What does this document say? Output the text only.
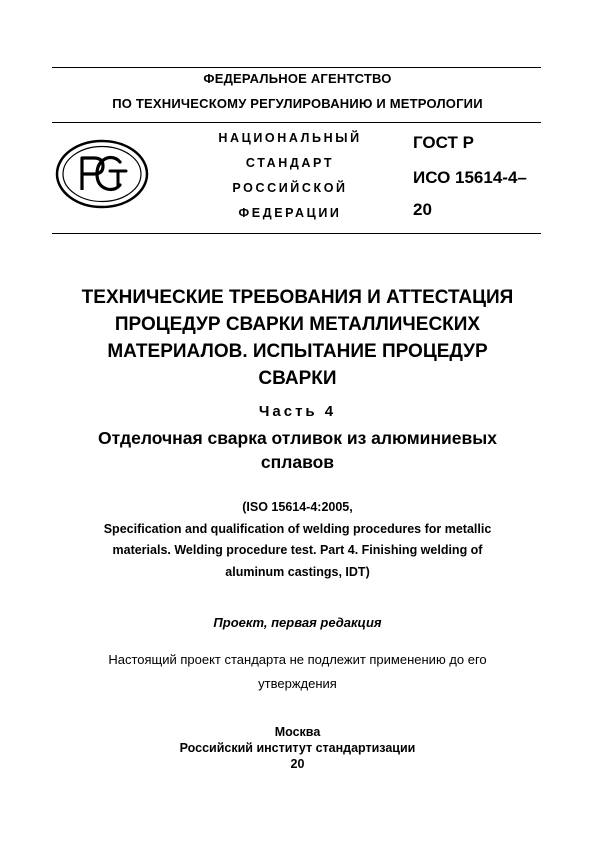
ФЕДЕРАЛЬНОЕ АГЕНТСТВО
ПО ТЕХНИЧЕСКОМУ РЕГУЛИРОВАНИЮ И МЕТРОЛОГИИ
НАЦИОНАЛЬНЫЙ
СТАНДАРТ
РОССИЙСКОЙ
ФЕДЕРАЦИИ
ГОСТ Р
ИСО 15614-4–
20
ТЕХНИЧЕСКИЕ ТРЕБОВАНИЯ И АТТЕСТАЦИЯ
ПРОЦЕДУР СВАРКИ МЕТАЛЛИЧЕСКИХ
МАТЕРИАЛОВ. ИСПЫТАНИЕ ПРОЦЕДУР
СВАРКИ
Часть 4
Отделочная сварка отливок из алюминиевых
сплавов
(ISO 15614-4:2005,
Specification and qualification of welding procedures for metallic
materials. Welding procedure test. Part 4. Finishing welding of
aluminum castings, IDT)
Проект, первая редакция
Настоящий проект стандарта не подлежит применению до его
утверждения
Москва
Российский институт стандартизации
20
